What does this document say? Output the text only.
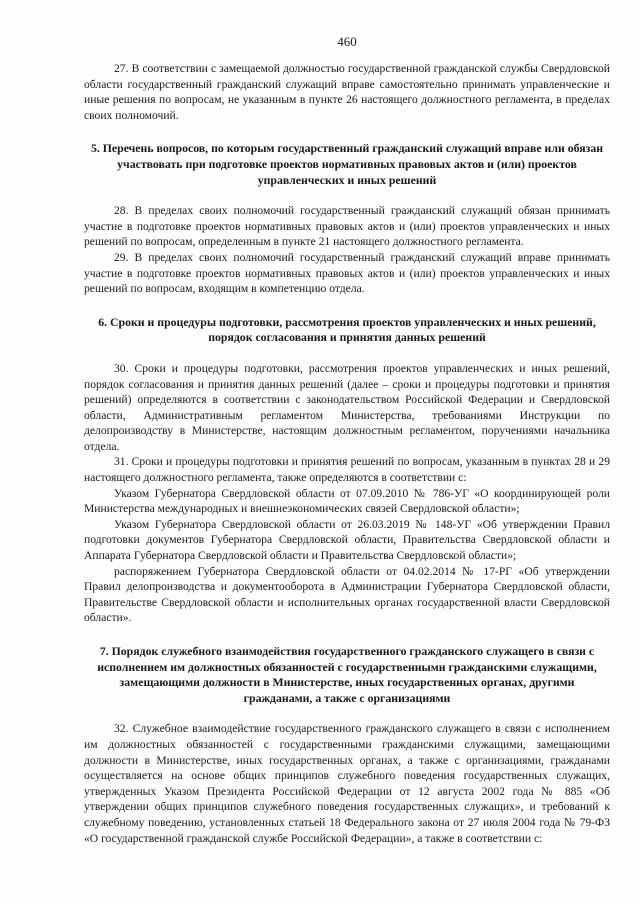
460

27. В соответствии с замещаемой должностью государственной гражданской службы Свердловской области государственный гражданский служащий вправе самостоятельно принимать управленческие и иные решения по вопросам, не указанным в пункте 26 настоящего должностного регламента, в пределах своих полномочий.

5. Перечень вопросов, по которым государственный гражданский служащий вправе или обязан участвовать при подготовке проектов нормативных правовых актов и (или) проектов управленческих и иных решений

28. В пределах своих полномочий государственный гражданский служащий обязан принимать участие в подготовке проектов нормативных правовых актов и (или) проектов управленческих и иных решений по вопросам, определенным в пункте 21 настоящего должностного регламента.

29. В пределах своих полномочий государственный гражданский служащий вправе принимать участие в подготовке проектов нормативных правовых актов и (или) проектов управленческих и иных решений по вопросам, входящим в компетенцию отдела.

6. Сроки и процедуры подготовки, рассмотрения проектов управленческих и иных решений, порядок согласования и принятия данных решений

30. Сроки и процедуры подготовки, рассмотрения проектов управленческих и иных решений, порядок согласования и принятия данных решений (далее – сроки и процедуры подготовки и принятия решений) определяются в соответствии с законодательством Российской Федерации и Свердловской области, Административным регламентом Министерства, требованиями Инструкции по делопроизводству в Министерстве, настоящим должностным регламентом, поручениями начальника отдела.

31. Сроки и процедуры подготовки и принятия решений по вопросам, указанным в пунктах 28 и 29 настоящего должностного регламента, также определяются в соответствии с:

Указом Губернатора Свердловской области от 07.09.2010 № 786-УГ «О координирующей роли Министерства международных и внешнеэкономических связей Свердловской области»;

Указом Губернатора Свердловской области от 26.03.2019 № 148-УГ «Об утверждении Правил подготовки документов Губернатора Свердловской области, Правительства Свердловской области и Аппарата Губернатора Свердловской области и Правительства Свердловской области»;

распоряжением Губернатора Свердловской области от 04.02.2014 № 17-РГ «Об утверждении Правил делопроизводства и документооборота в Администрации Губернатора Свердловской области, Правительстве Свердловской области и исполнительных органах государственной власти Свердловской области».

7. Порядок служебного взаимодействия государственного гражданского служащего в связи с исполнением им должностных обязанностей с государственными гражданскими служащими, замещающими должности в Министерстве, иных государственных органах, другими гражданами, а также с организациями

32. Служебное взаимодействие государственного гражданского служащего в связи с исполнением им должностных обязанностей с государственными гражданскими служащими, замещающими должности в Министерстве, иных государственных органах, а также с организациями, гражданами осуществляется на основе общих принципов служебного поведения государственных служащих, утвержденных Указом Президента Российской Федерации от 12 августа 2002 года № 885 «Об утверждении общих принципов служебного поведения государственных служащих», и требований к служебному поведению, установленных статьей 18 Федерального закона от 27 июля 2004 года № 79-ФЗ «О государственной гражданской службе Российской Федерации», а также в соответствии с:
